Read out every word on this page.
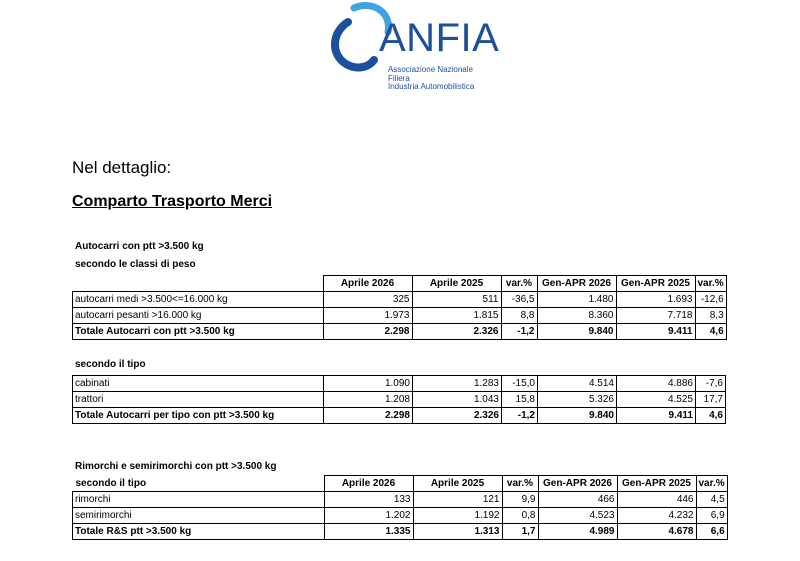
ANFIA
Associazione Nazionale
Filiera
Industria Automobilistica
Nel dettaglio:
Comparto Trasporto Merci
Autocarri con ptt >3.500 kg
secondo le classi di peso
	Aprile 2026	Aprile 2025	var.%	Gen-APR 2026	Gen-APR 2025	var.%
autocarri medi >3.500<=16.000 kg	325	511	-36,5	1.480	1.693	-12,6
autocarri pesanti >16.000 kg	1.973	1.815	8,8	8.360	7.718	8,3
Totale Autocarri con ptt >3.500 kg	2.298	2.326	-1,2	9.840	9.411	4,6
secondo il tipo
cabinati	1.090	1.283	-15,0	4.514	4.886	-7,6
trattori	1.208	1.043	15,8	5.326	4.525	17,7
Totale Autocarri per tipo con ptt >3.500 kg	2.298	2.326	-1,2	9.840	9.411	4,6
Rimorchi e semirimorchi con ptt >3.500 kg
secondo il tipo	Aprile 2026	Aprile 2025	var.%	Gen-APR 2026	Gen-APR 2025	var.%
rimorchi	133	121	9,9	466	446	4,5
semirimorchi	1.202	1.192	0,8	4.523	4.232	6,9
Totale R&S ptt >3.500 kg	1.335	1.313	1,7	4.989	4.678	6,6
